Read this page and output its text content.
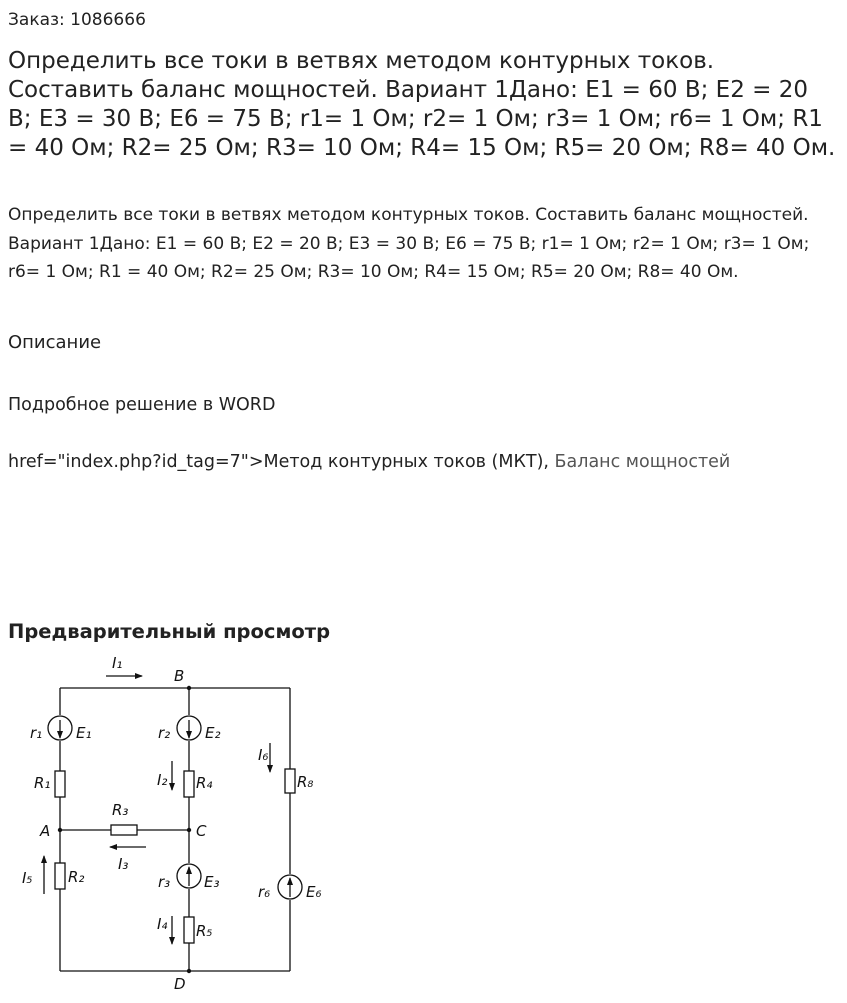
Заказ: 1086666

Определить все токи в ветвях методом контурных токов. Составить баланс мощностей. Вариант 1Дано: E1 = 60 В; E2 = 20 В; E3 = 30 В; E6 = 75 В; r1= 1 Ом; r2= 1 Ом; r3= 1 Ом; r6= 1 Ом; R1 = 40 Ом; R2= 25 Ом; R3= 10 Ом; R4= 15 Ом; R5= 20 Ом; R8= 40 Ом.

Определить все токи в ветвях методом контурных токов. Составить баланс мощностей. Вариант 1Дано: E1 = 60 В; E2 = 20 В; E3 = 30 В; E6 = 75 В; r1= 1 Ом; r2= 1 Ом; r3= 1 Ом; r6= 1 Ом; R1 = 40 Ом; R2= 25 Ом; R3= 10 Ом; R4= 15 Ом; R5= 20 Ом; R8= 40 Ом.

Описание

Подробное решение в WORD

href="index.php?id_tag=7">Метод контурных токов (МКТ), Баланс мощностей

Предварительный просмотр
I₁
B
r₁ E₁	r₂ E₂
I₆
R₈
R₁	I₂ R₄
R₃
A	C
I₃
I₅ R₂	r₃ E₃
r₆ E₆
I₄ R₅
D
